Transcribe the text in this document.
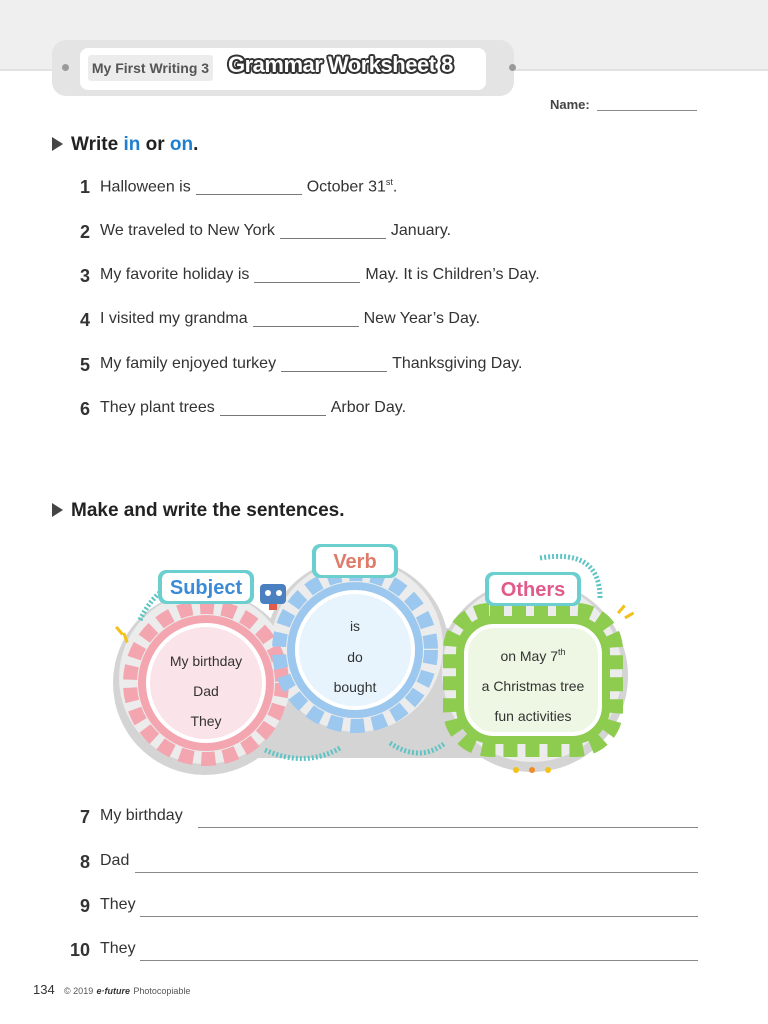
My First Writing 3 Grammar Worksheet 8
Name:
Write in or on.
1 Halloween is	October 31st.
2 We traveled to New York	January.
3 My favorite holiday is	May. It is Children’s Day.
4 I visited my grandma	New Year’s Day.
5 My family enjoyed turkey	Thanksgiving Day.
6 They plant trees	Arbor Day.
Make and write the sentences.
Subject
Verb
Others
My birthday
Dad
They
is
do
bought
on May 7th
a Christmas tree
fun activities
7 My birthday
8 Dad
9 They
10 They
134 © 2019 e·future Photocopiable
